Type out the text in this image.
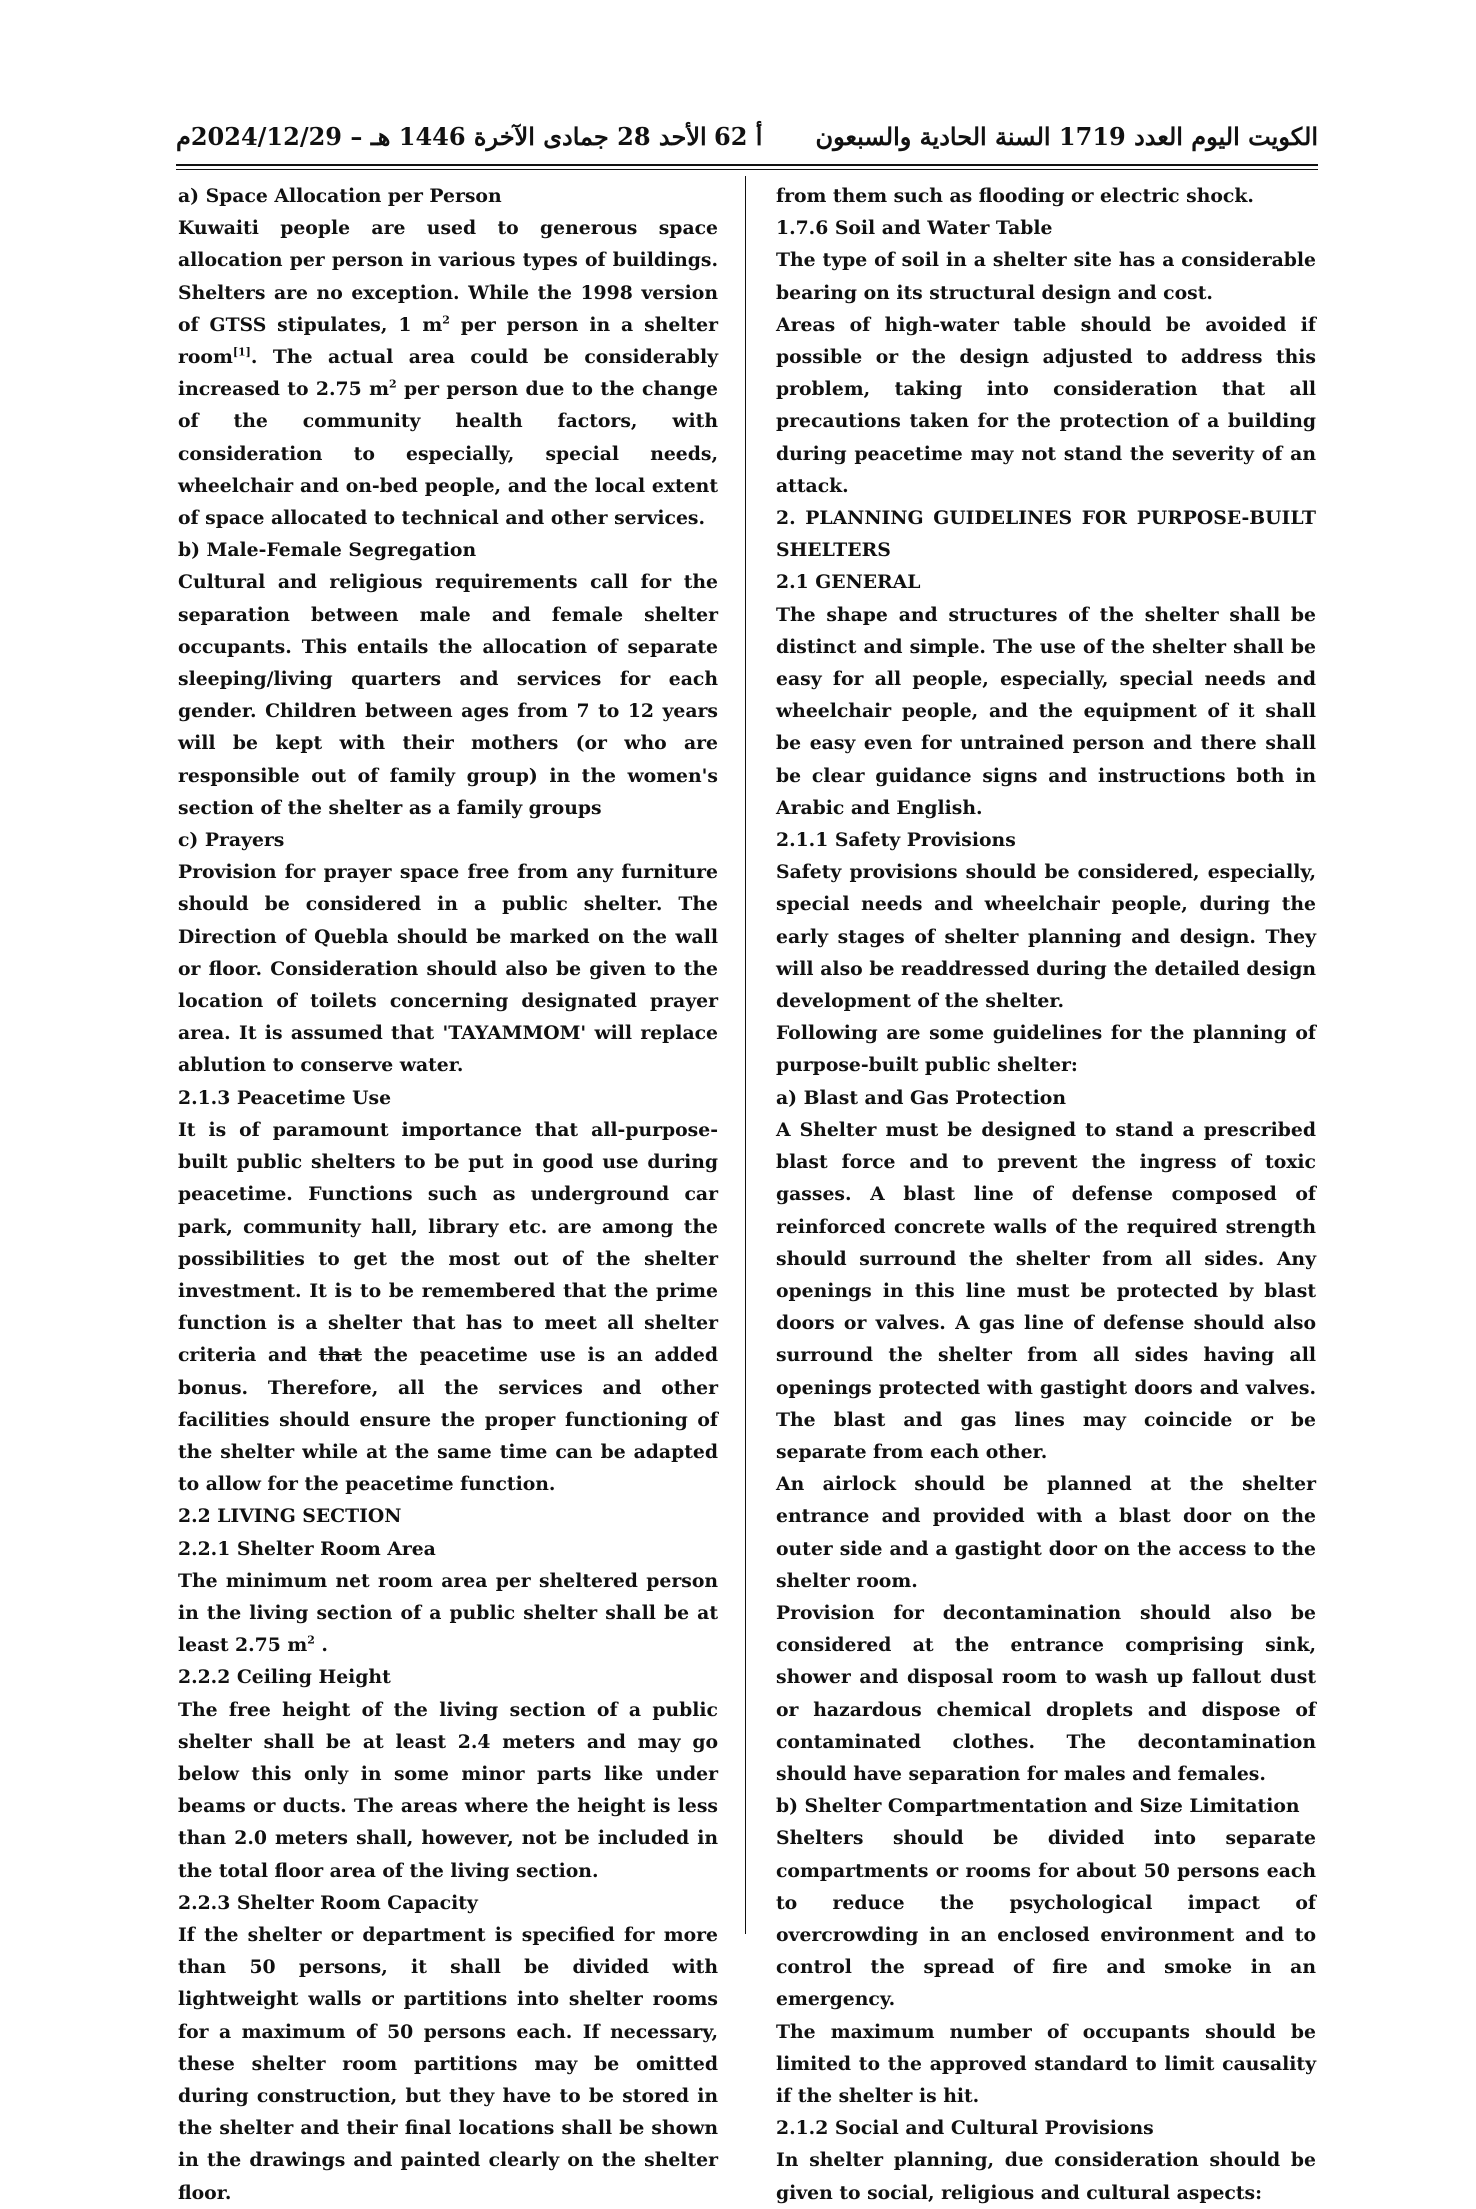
الأحد 28 جمادى الآخرة 1446 هـ – 2024/12/29م أ 62 الكويت اليوم العدد 1719 السنة الحادية والسبعون

a) Space Allocation per Person

Kuwaiti people are used to generous space allocation per person in various types of buildings. Shelters are no exception. While the 1998 version of GTSS stipulates, 1 $m^2$ per person in a shelter room[1]. The actual area could be considerably increased to 2.75 $m^2$ per person due to the change of the community health factors, with consideration to especially, special needs, wheelchair and on-bed people, and the local extent of space allocated to technical and other services.

b) Male-Female Segregation

Cultural and religious requirements call for the separation between male and female shelter occupants. This entails the allocation of separate sleeping/living quarters and services for each gender. Children between ages from 7 to 12 years will be kept with their mothers (or who are responsible out of family group) in the women's section of the shelter as a family groups

c) Prayers

Provision for prayer space free from any furniture should be considered in a public shelter. The Direction of Quebla should be marked on the wall or floor. Consideration should also be given to the location of toilets concerning designated prayer area. It is assumed that 'TAYAMMOM' will replace ablution to conserve water.

2.1.3 Peacetime Use

It is of paramount importance that all-purpose-built public shelters to be put in good use during peacetime. Functions such as underground car park, community hall, library etc. are among the possibilities to get the most out of the shelter investment. It is to be remembered that the prime function is a shelter that has to meet all shelter criteria and that the peacetime use is an added bonus. Therefore, all the services and other facilities should ensure the proper functioning of the shelter while at the same time can be adapted to allow for the peacetime function.

2.2 LIVING SECTION

2.2.1 Shelter Room Area

The minimum net room area per sheltered person in the living section of a public shelter shall be at least 2.75 $m^2$ .

2.2.2 Ceiling Height

The free height of the living section of a public shelter shall be at least 2.4 meters and may go below this only in some minor parts like under beams or ducts. The areas where the height is less than 2.0 meters shall, however, not be included in the total floor area of the living section.

2.2.3 Shelter Room Capacity

If the shelter or department is specified for more than 50 persons, it shall be divided with lightweight walls or partitions into shelter rooms for a maximum of 50 persons each. If necessary, these shelter room partitions may be omitted during construction, but they have to be stored in the shelter and their final locations shall be shown in the drawings and painted clearly on the shelter floor.

from them such as flooding or electric shock.

1.7.6 Soil and Water Table

The type of soil in a shelter site has a considerable bearing on its structural design and cost.

Areas of high-water table should be avoided if possible or the design adjusted to address this problem, taking into consideration that all precautions taken for the protection of a building during peacetime may not stand the severity of an attack.

2. PLANNING GUIDELINES FOR PURPOSE-BUILT SHELTERS

2.1 GENERAL

The shape and structures of the shelter shall be distinct and simple. The use of the shelter shall be easy for all people, especially, special needs and wheelchair people, and the equipment of it shall be easy even for untrained person and there shall be clear guidance signs and instructions both in Arabic and English.

2.1.1 Safety Provisions

Safety provisions should be considered, especially, special needs and wheelchair people, during the early stages of shelter planning and design. They will also be readdressed during the detailed design development of the shelter.

Following are some guidelines for the planning of purpose-built public shelter:

a) Blast and Gas Protection

A Shelter must be designed to stand a prescribed blast force and to prevent the ingress of toxic gasses. A blast line of defense composed of reinforced concrete walls of the required strength should surround the shelter from all sides. Any openings in this line must be protected by blast doors or valves. A gas line of defense should also surround the shelter from all sides having all openings protected with gastight doors and valves. The blast and gas lines may coincide or be separate from each other.

An airlock should be planned at the shelter entrance and provided with a blast door on the outer side and a gastight door on the access to the shelter room.

Provision for decontamination should also be considered at the entrance comprising sink, shower and disposal room to wash up fallout dust or hazardous chemical droplets and dispose of contaminated clothes. The decontamination should have separation for males and females.

b) Shelter Compartmentation and Size Limitation

Shelters should be divided into separate compartments or rooms for about 50 persons each to reduce the psychological impact of overcrowding in an enclosed environment and to control the spread of fire and smoke in an emergency.

The maximum number of occupants should be limited to the approved standard to limit causality if the shelter is hit.

2.1.2 Social and Cultural Provisions

In shelter planning, due consideration should be given to social, religious and cultural aspects:
